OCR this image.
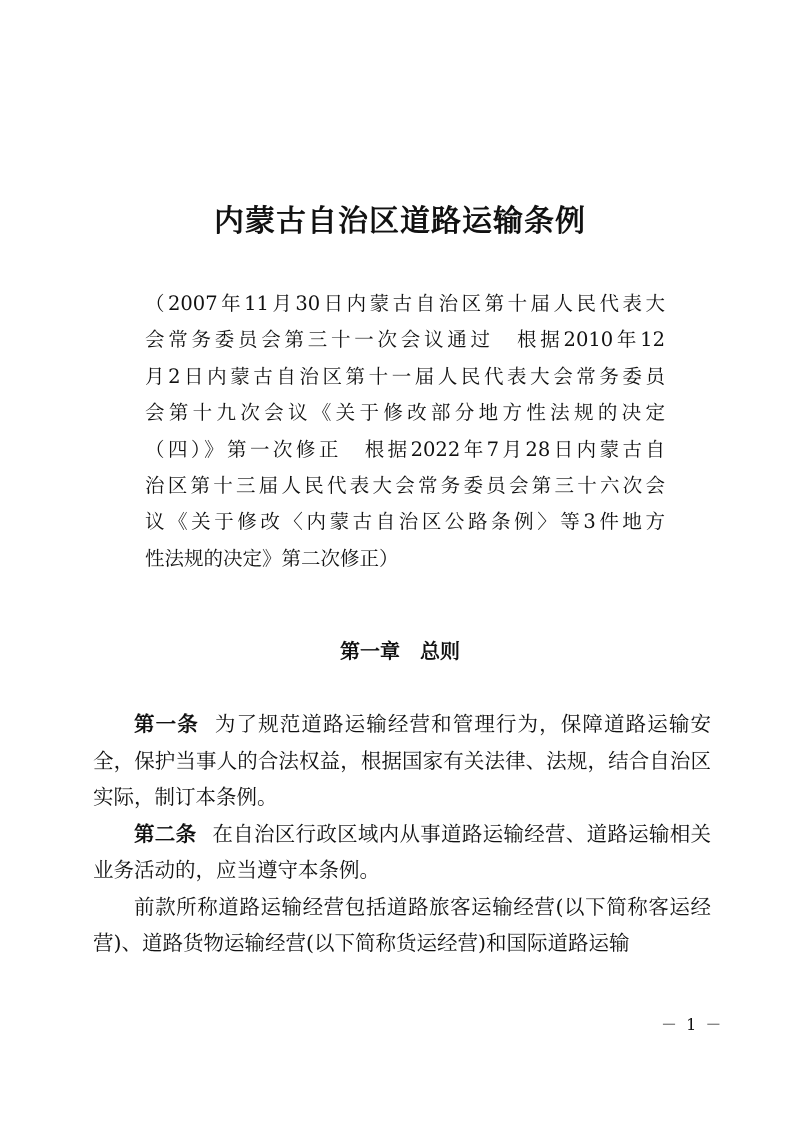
内蒙古自治区道路运输条例
（2007年11月30日内蒙古自治区第十届人民代表大
会常务委员会第三十一次会议通过　根据2010年12
月2日内蒙古自治区第十一届人民代表大会常务委员
会第十九次会议《关于修改部分地方性法规的决定
（四）》第一次修正　根据2022年7月28日内蒙古自
治区第十三届人民代表大会常务委员会第三十六次会
议《关于修改〈内蒙古自治区公路条例〉等3件地方
性法规的决定》第二次修正）
第一章　总则

第一条 为了规范道路运输经营和管理行为，保障道路运输安全，保护当事人的合法权益，根据国家有关法律、法规，结合自治区实际，制订本条例。

第二条 在自治区行政区域内从事道路运输经营、道路运输相关业务活动的，应当遵守本条例。

前款所称道路运输经营包括道路旅客运输经营(以下简称客运经营)、道路货物运输经营(以下简称货运经营)和国际道路运输

－ 1 －
